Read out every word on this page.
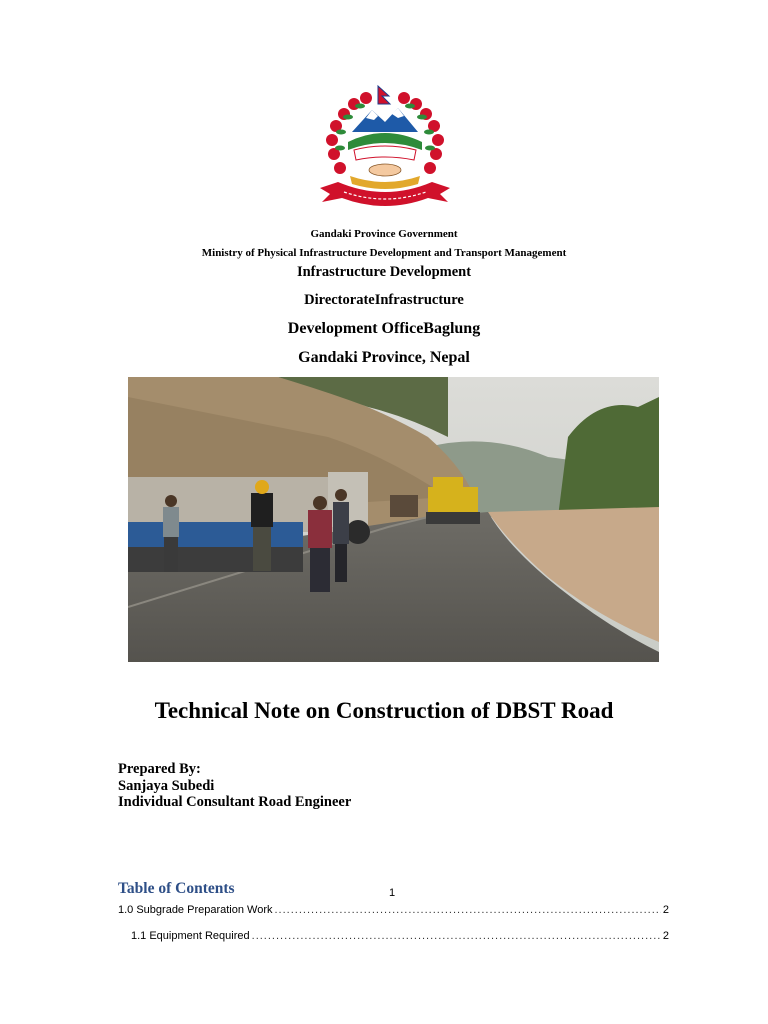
Gandaki Province Government
Ministry of Physical Infrastructure Development and Transport Management
Infrastructure Development
DirectorateInfrastructure
Development OfficeBaglung
Gandaki Province, Nepal
Technical Note on Construction of DBST Road
Prepared By:
Sanjaya Subedi
Individual Consultant Road Engineer
Table of Contents	1
1.0 Subgrade Preparation Work .....	2
1.1 Equipment Required .....	2
